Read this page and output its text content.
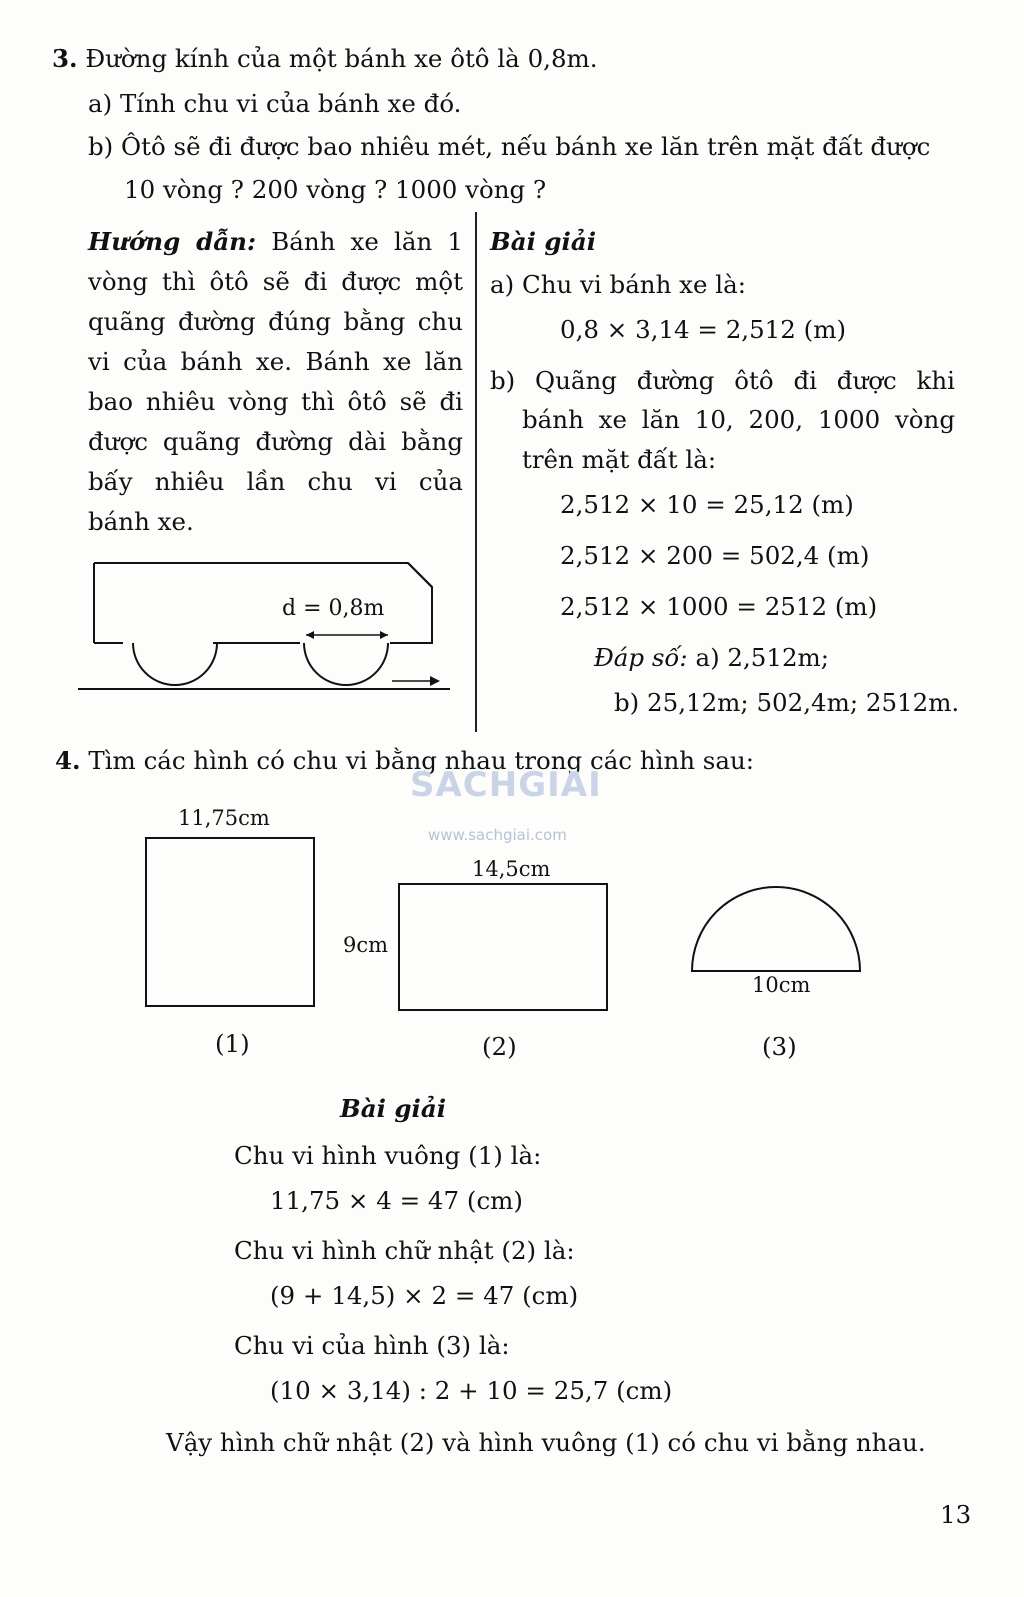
3. Đường kính của một bánh xe ôtô là 0,8m.

a) Tính chu vi của bánh xe đó.

b) Ôtô sẽ đi được bao nhiêu mét, nếu bánh xe lăn trên mặt đất được

10 vòng ? 200 vòng ? 1000 vòng ?

Hướng dẫn: Bánh xe lăn 1

vòng thì ôtô sẽ đi được một

quãng đường đúng bằng chu

vi của bánh xe. Bánh xe lăn

bao nhiêu vòng thì ôtô sẽ đi

được quãng đường dài bằng

bấy nhiêu lần chu vi của

bánh xe.

d = 0,8m

Bài giải

a) Chu vi bánh xe là:

0,8 × 3,14 = 2,512 (m)

b) Quãng đường ôtô đi được khi

bánh xe lăn 10, 200, 1000 vòng

trên mặt đất là:

2,512 × 10 = 25,12 (m)

2,512 × 200 = 502,4 (m)

2,512 × 1000 = 2512 (m)

Đáp số: a) 2,512m;

b) 25,12m; 502,4m; 2512m.

4. Tìm các hình có chu vi bằng nhau trong các hình sau:

SACHGIAI
www.sachgiai.com

11,75cm

(1)

14,5cm

9cm

(2)

10cm

(3)

Bài giải

Chu vi hình vuông (1) là:

11,75 × 4 = 47 (cm)

Chu vi hình chữ nhật (2) là:

(9 + 14,5) × 2 = 47 (cm)

Chu vi của hình (3) là:

(10 × 3,14) : 2 + 10 = 25,7 (cm)

Vậy hình chữ nhật (2) và hình vuông (1) có chu vi bằng nhau.

13
